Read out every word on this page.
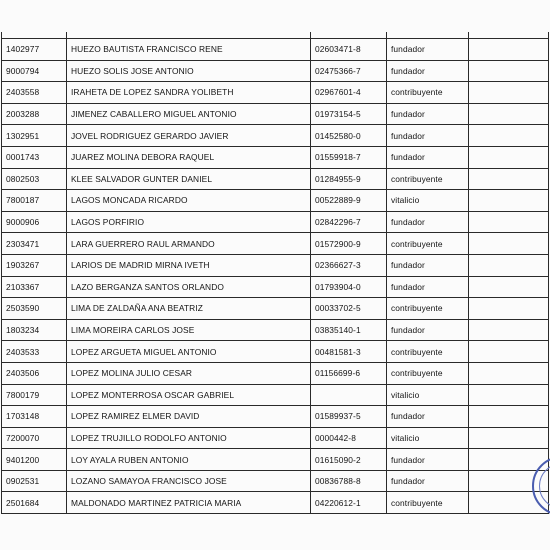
1402977	HUEZO BAUTISTA FRANCISCO RENE	02603471-8	fundador	
9000794	HUEZO SOLIS JOSE ANTONIO	02475366-7	fundador	
2403558	IRAHETA DE LOPEZ SANDRA YOLIBETH	02967601-4	contribuyente	
2003288	JIMENEZ CABALLERO MIGUEL ANTONIO	01973154-5	fundador	
1302951	JOVEL RODRIGUEZ GERARDO JAVIER	01452580-0	fundador	
0001743	JUAREZ MOLINA DEBORA RAQUEL	01559918-7	fundador	
0802503	KLEE SALVADOR GUNTER DANIEL	01284955-9	contribuyente	
7800187	LAGOS MONCADA RICARDO	00522889-9	vitalicio	
9000906	LAGOS PORFIRIO	02842296-7	fundador	
2303471	LARA GUERRERO RAUL ARMANDO	01572900-9	contribuyente	
1903267	LARIOS DE MADRID MIRNA IVETH	02366627-3	fundador	
2103367	LAZO BERGANZA SANTOS ORLANDO	01793904-0	fundador	
2503590	LIMA DE ZALDAÑA ANA BEATRIZ	00033702-5	contribuyente	
1803234	LIMA MOREIRA CARLOS JOSE	03835140-1	fundador	
2403533	LOPEZ ARGUETA MIGUEL ANTONIO	00481581-3	contribuyente	
2403506	LOPEZ MOLINA JULIO CESAR	01156699-6	contribuyente	
7800179	LOPEZ MONTERROSA OSCAR GABRIEL		vitalicio	
1703148	LOPEZ RAMIREZ ELMER DAVID	01589937-5	fundador	
7200070	LOPEZ TRUJILLO RODOLFO ANTONIO	0000442-8	vitalicio	
9401200	LOY AYALA RUBEN ANTONIO	01615090-2	fundador	
0902531	LOZANO SAMAYOA FRANCISCO JOSE	00836788-8	fundador	
2501684	MALDONADO MARTINEZ PATRICIA MARIA	04220612-1	contribuyente	
